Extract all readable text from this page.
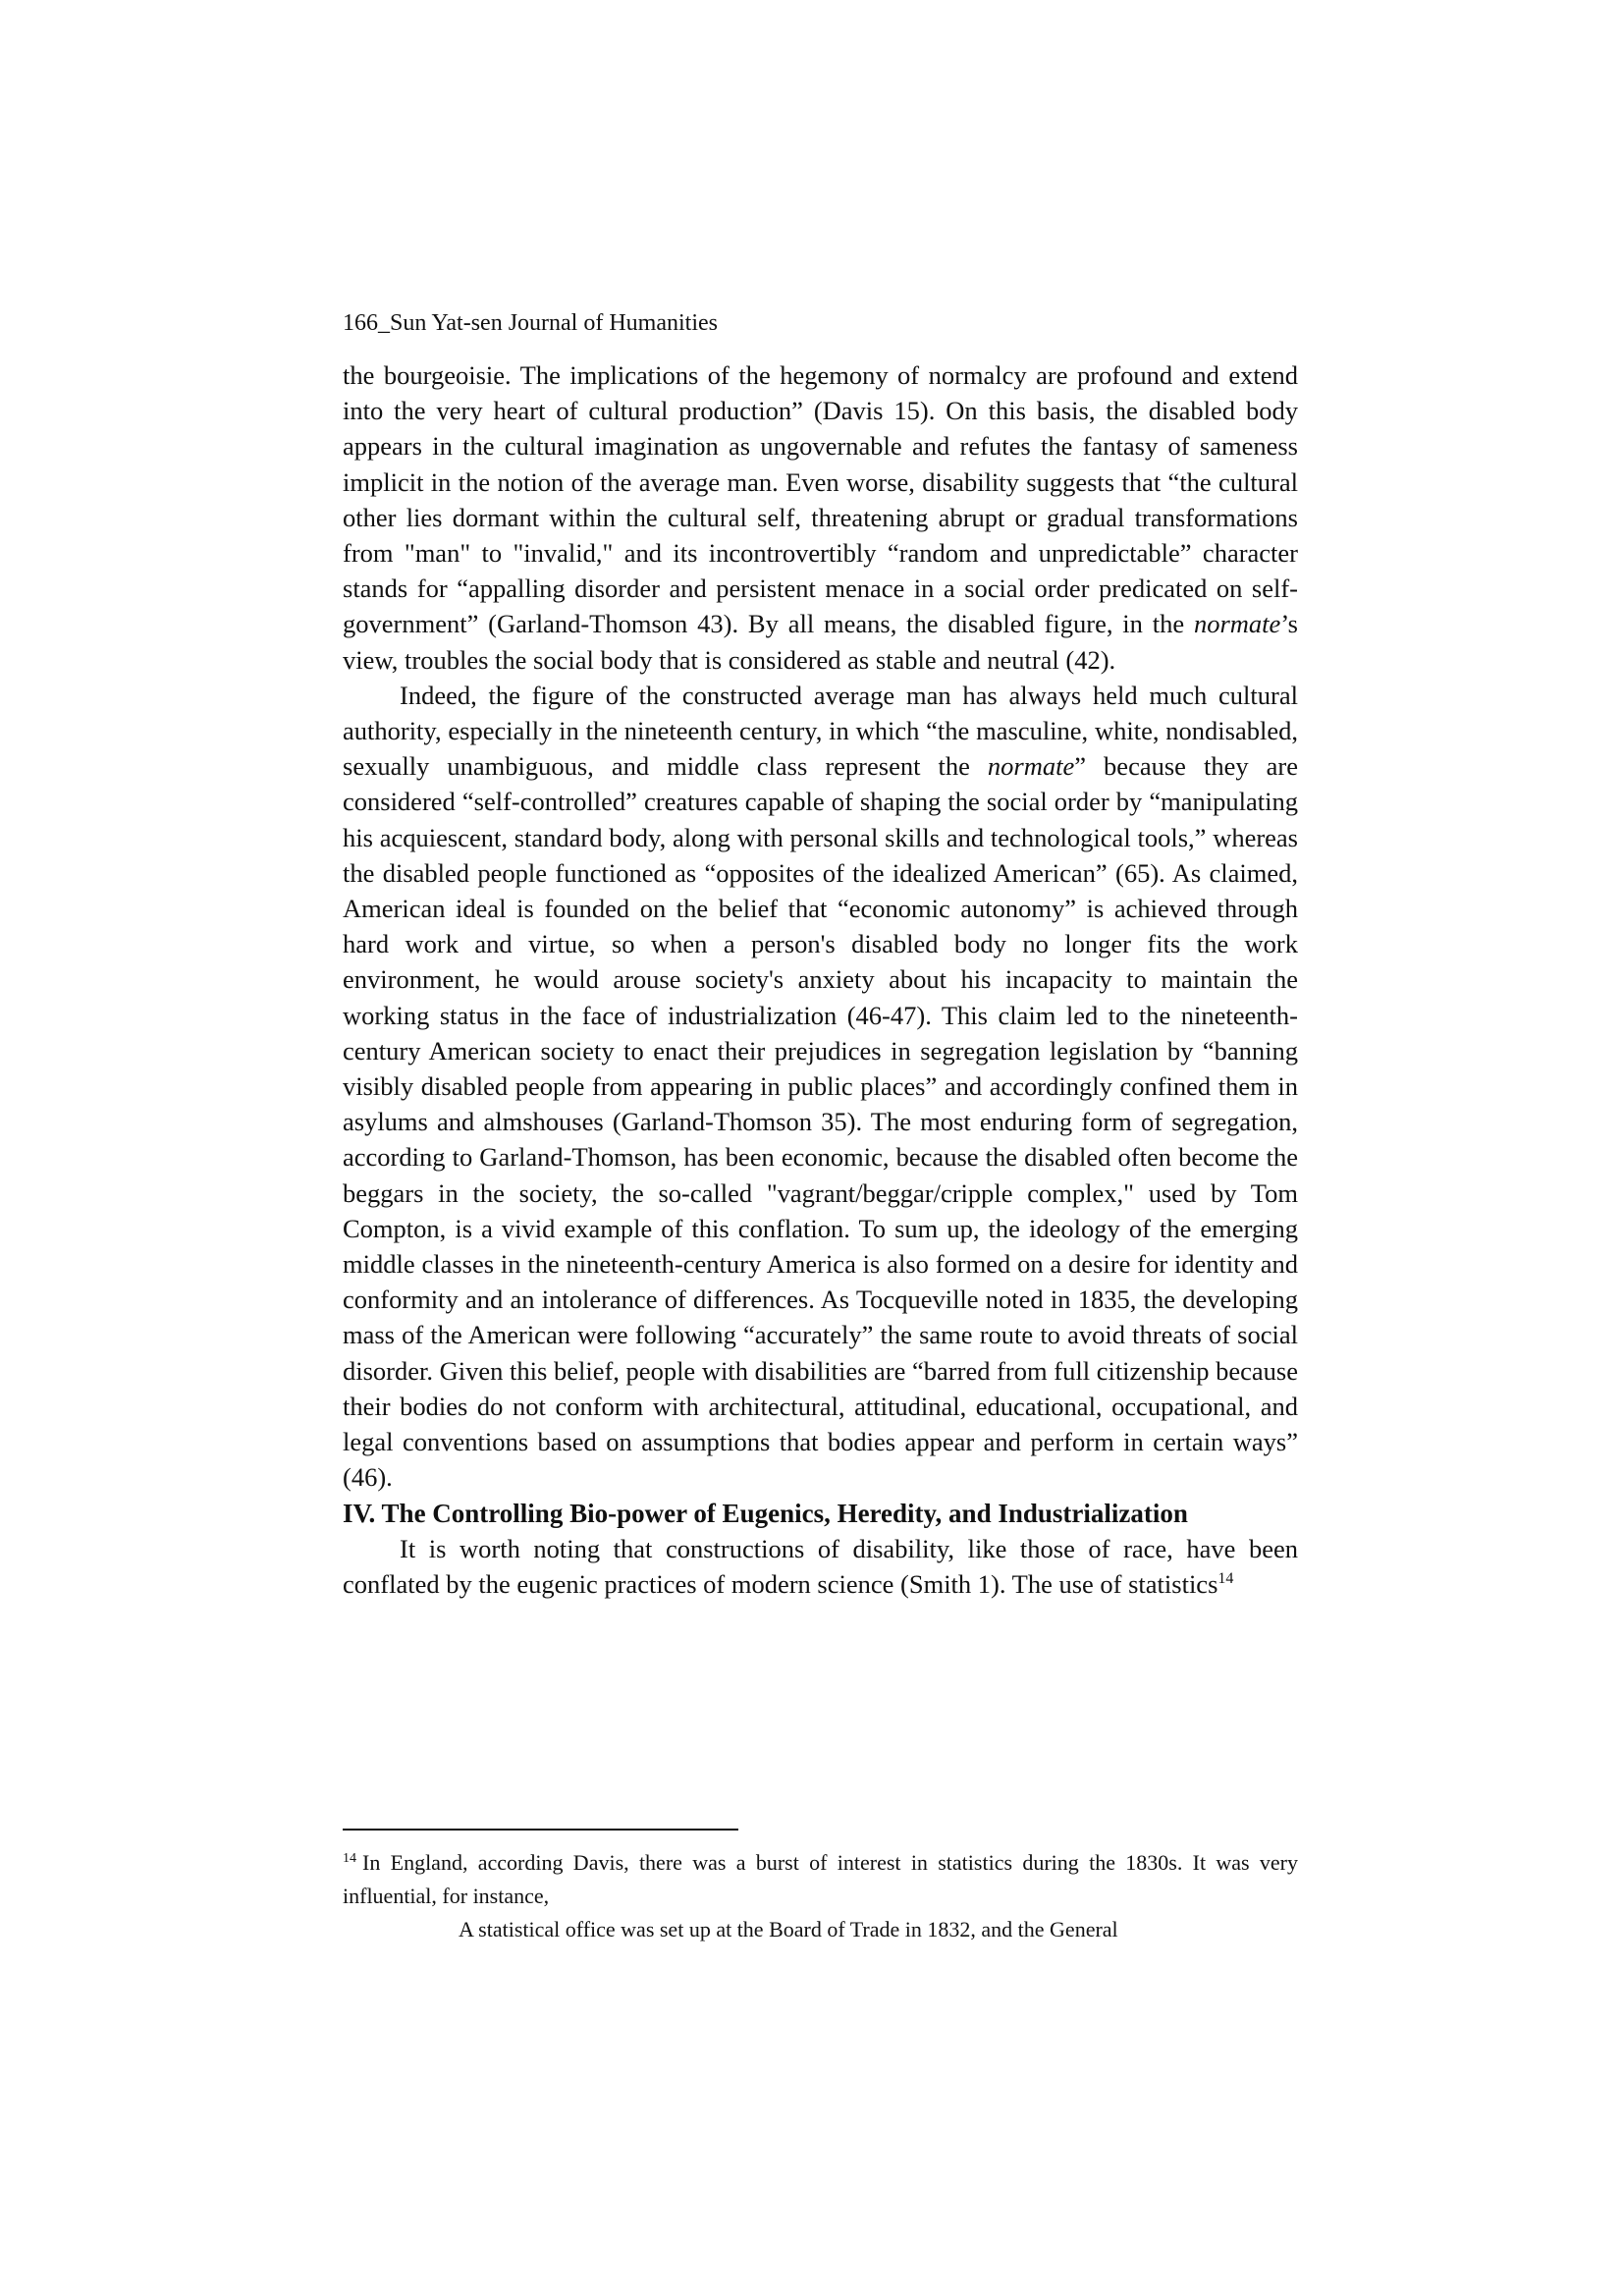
166_Sun Yat-sen Journal of Humanities

the bourgeoisie. The implications of the hegemony of normalcy are profound and extend into the very heart of cultural production” (Davis 15). On this basis, the disabled body appears in the cultural imagination as ungovernable and refutes the fantasy of sameness implicit in the notion of the average man. Even worse, disability suggests that “the cultural other lies dormant within the cultural self, threatening abrupt or gradual transformations from "man" to "invalid," and its incontrovertibly “random and unpredictable” character stands for “appalling disorder and persistent menace in a social order predicated on self-government” (Garland-Thomson 43). By all means, the disabled figure, in the normate’s view, troubles the social body that is considered as stable and neutral (42).

Indeed, the figure of the constructed average man has always held much cultural authority, especially in the nineteenth century, in which “the masculine, white, nondisabled, sexually unambiguous, and middle class represent the normate” because they are considered “self-controlled” creatures capable of shaping the social order by “manipulating his acquiescent, standard body, along with personal skills and technological tools,” whereas the disabled people functioned as “opposites of the idealized American” (65). As claimed, American ideal is founded on the belief that “economic autonomy” is achieved through hard work and virtue, so when a person's disabled body no longer fits the work environment, he would arouse society's anxiety about his incapacity to maintain the working status in the face of industrialization (46-47). This claim led to the nineteenth-century American society to enact their prejudices in segregation legislation by “banning visibly disabled people from appearing in public places” and accordingly confined them in asylums and almshouses (Garland-Thomson 35). The most enduring form of segregation, according to Garland-Thomson, has been economic, because the disabled often become the beggars in the society, the so-called "vagrant/beggar/cripple complex," used by Tom Compton, is a vivid example of this conflation. To sum up, the ideology of the emerging middle classes in the nineteenth-century America is also formed on a desire for identity and conformity and an intolerance of differences. As Tocqueville noted in 1835, the developing mass of the American were following “accurately” the same route to avoid threats of social disorder. Given this belief, people with disabilities are “barred from full citizenship because their bodies do not conform with architectural, attitudinal, educational, occupational, and legal conventions based on assumptions that bodies appear and perform in certain ways” (46).

IV. The Controlling Bio-power of Eugenics, Heredity, and Industrialization

It is worth noting that constructions of disability, like those of race, have been conflated by the eugenic practices of modern science (Smith 1). The use of statistics$^{14}$

$^{14}$ In England, according Davis, there was a burst of interest in statistics during the 1830s. It was very influential, for instance,

A statistical office was set up at the Board of Trade in 1832, and the General
